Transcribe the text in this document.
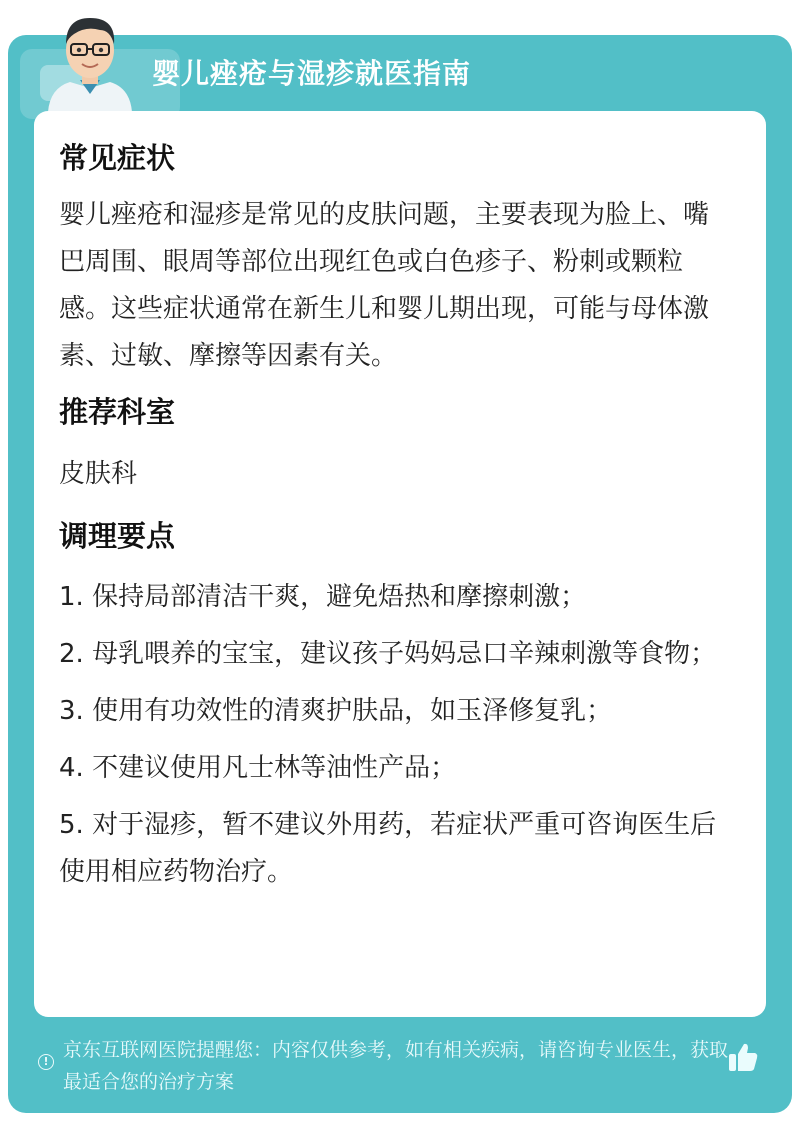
婴儿痤疮与湿疹就医指南
常见症状
婴儿痤疮和湿疹是常见的皮肤问题，主要表现为脸上、嘴巴周围、眼周等部位出现红色或白色疹子、粉刺或颗粒感。这些症状通常在新生儿和婴儿期出现，可能与母体激素、过敏、摩擦等因素有关。
推荐科室
皮肤科
调理要点
1. 保持局部清洁干爽，避免焐热和摩擦刺激；
2. 母乳喂养的宝宝，建议孩子妈妈忌口辛辣刺激等食物；
3. 使用有功效性的清爽护肤品，如玉泽修复乳；
4. 不建议使用凡士林等油性产品；
5. 对于湿疹，暂不建议外用药，若症状严重可咨询医生后使用相应药物治疗。
!
京东互联网医院提醒您：内容仅供参考，如有相关疾病，请咨询专业医生，获取最适合您的治疗方案
